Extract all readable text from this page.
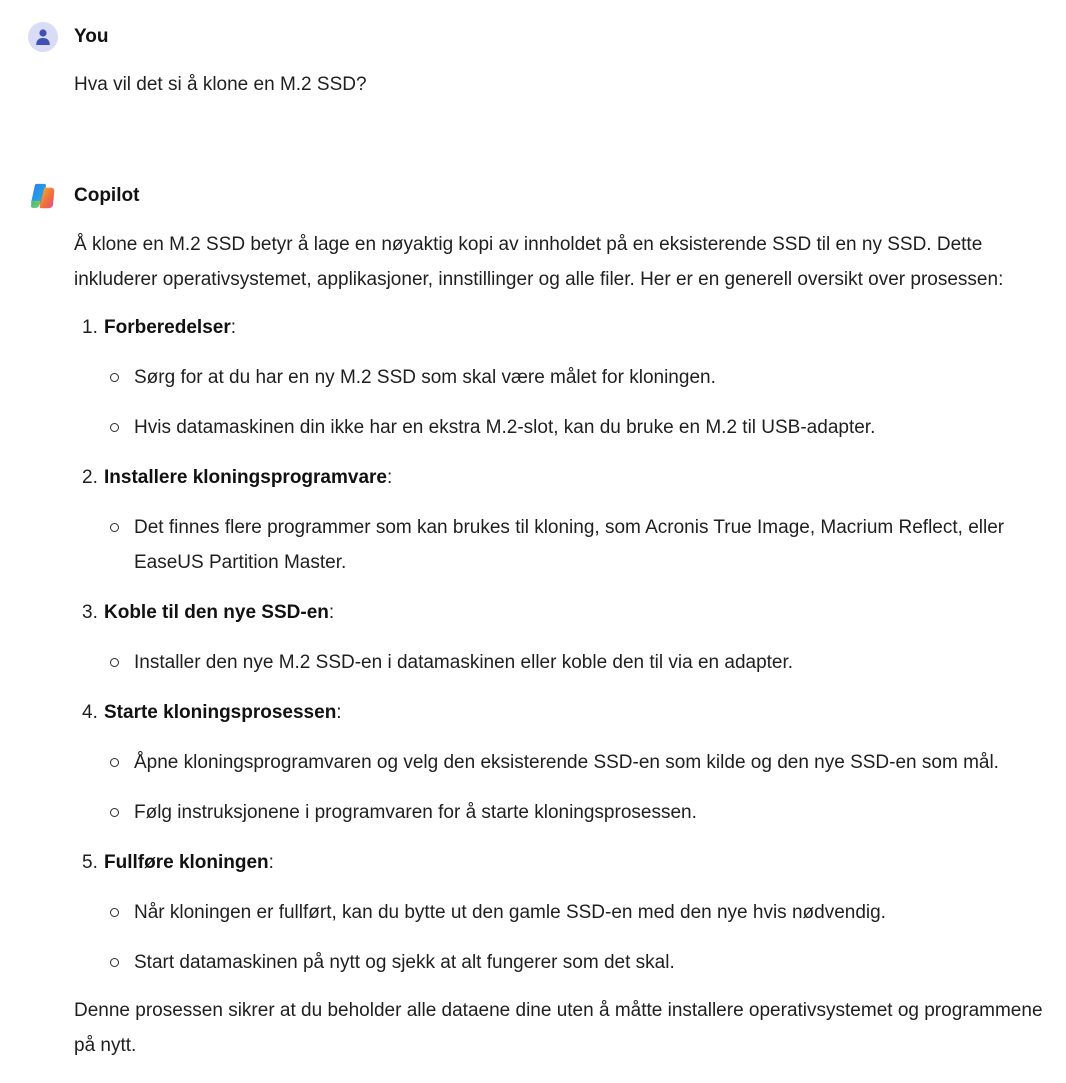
You
Hva vil det si å klone en M.2 SSD?
Copilot

Å klone en M.2 SSD betyr å lage en nøyaktig kopi av innholdet på en eksisterende SSD til en ny SSD. Dette inkluderer operativsystemet, applikasjoner, innstillinger og alle filer. Her er en generell oversikt over prosessen:

1. Forberedelser:
Sørg for at du har en ny M.2 SSD som skal være målet for kloningen.
Hvis datamaskinen din ikke har en ekstra M.2-slot, kan du bruke en M.2 til USB-adapter.
2. Installere kloningsprogramvare:
Det finnes flere programmer som kan brukes til kloning, som Acronis True Image, Macrium Reflect, eller EaseUS Partition Master.
3. Koble til den nye SSD-en:
Installer den nye M.2 SSD-en i datamaskinen eller koble den til via en adapter.
4. Starte kloningsprosessen:
Åpne kloningsprogramvaren og velg den eksisterende SSD-en som kilde og den nye SSD-en som mål.
Følg instruksjonene i programvaren for å starte kloningsprosessen.
5. Fullføre kloningen:
Når kloningen er fullført, kan du bytte ut den gamle SSD-en med den nye hvis nødvendig.
Start datamaskinen på nytt og sjekk at alt fungerer som det skal.

Denne prosessen sikrer at du beholder alle dataene dine uten å måtte installere operativsystemet og programmene på nytt.
